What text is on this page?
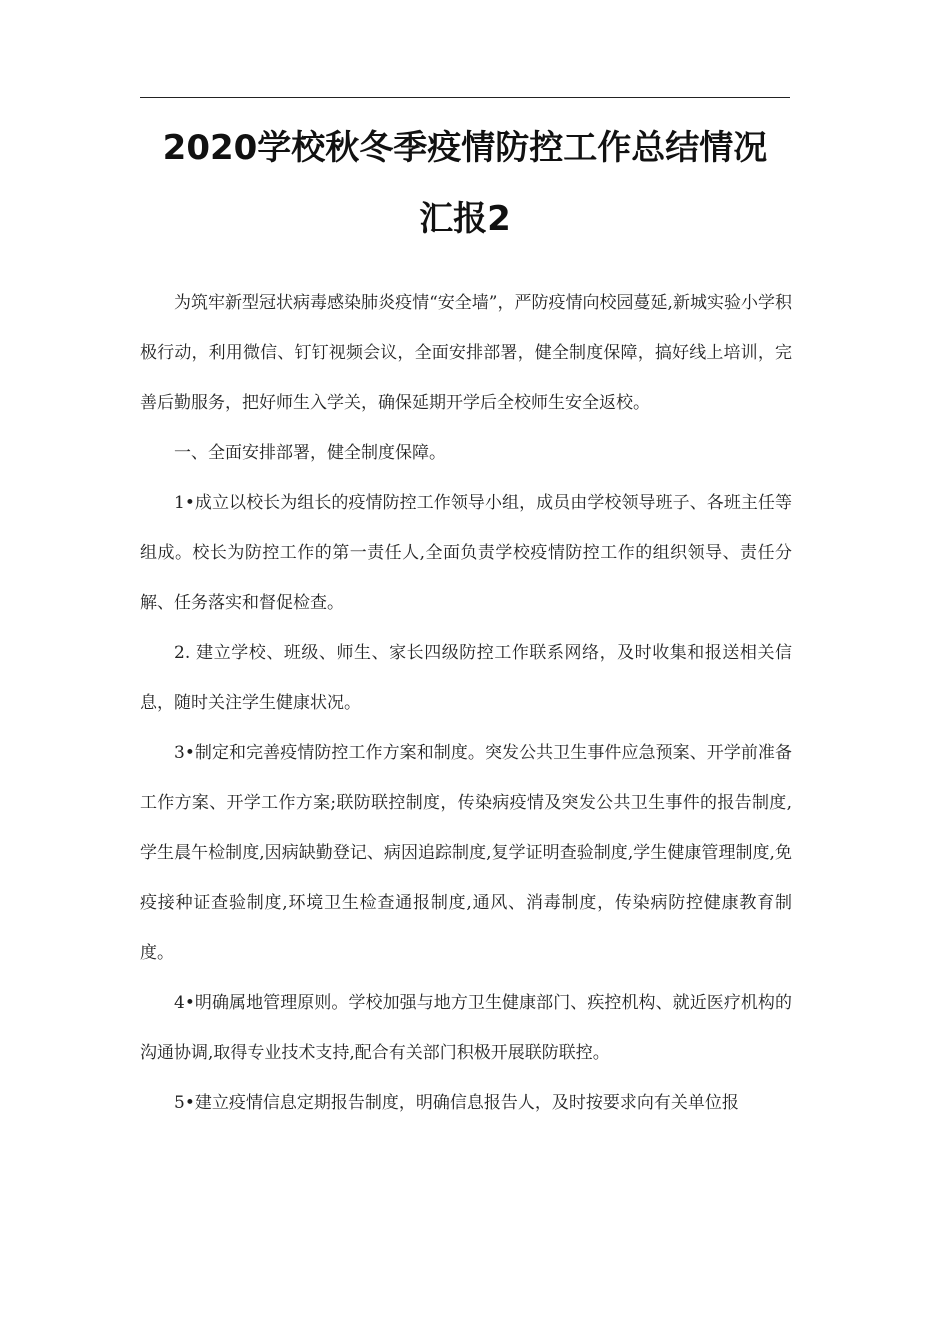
2020学校秋冬季疫情防控工作总结情况
汇报2

为筑牢新型冠状病毒感染肺炎疫情“安全墙”，严防疫情向校园蔓延,新城实验小学积极行动，利用微信、钉钉视频会议，全面安排部署，健全制度保障，搞好线上培训，完善后勤服务，把好师生入学关，确保延期开学后全校师生安全返校。

一、全面安排部署，健全制度保障。

1•成立以校长为组长的疫情防控工作领导小组，成员由学校领导班子、各班主任等组成。校长为防控工作的第一责任人,全面负责学校疫情防控工作的组织领导、责任分解、任务落实和督促检查。

2. 建立学校、班级、师生、家长四级防控工作联系网络，及时收集和报送相关信息，随时关注学生健康状况。

3•制定和完善疫情防控工作方案和制度。突发公共卫生事件应急预案、开学前准备工作方案、开学工作方案;联防联控制度，传染病疫情及突发公共卫生事件的报告制度,学生晨午检制度,因病缺勤登记、病因追踪制度,复学证明查验制度,学生健康管理制度,免疫接种证查验制度,环境卫生检查通报制度,通风、消毒制度，传染病防控健康教育制度。

4•明确属地管理原则。学校加强与地方卫生健康部门、疾控机构、就近医疗机构的沟通协调,取得专业技术支持,配合有关部门积极开展联防联控。

5•建立疫情信息定期报告制度，明确信息报告人，及时按要求向有关单位报
